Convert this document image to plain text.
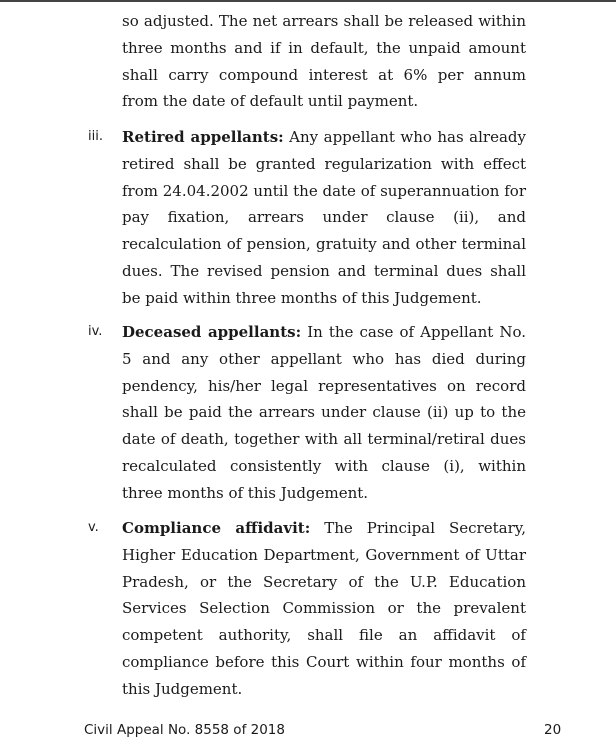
so adjusted. The net arrears shall be released within three months and if in default, the unpaid amount shall carry compound interest at 6% per annum from the date of default until payment.

iii. Retired appellants: Any appellant who has already retired shall be granted regularization with effect from 24.04.2002 until the date of superannuation for pay fixation, arrears under clause (ii), and recalculation of pension, gratuity and other terminal dues. The revised pension and terminal dues shall be paid within three months of this Judgement.

iv. Deceased appellants: In the case of Appellant No. 5 and any other appellant who has died during pendency, his/her legal representatives on record shall be paid the arrears under clause (ii) up to the date of death, together with all terminal/retiral dues recalculated consistently with clause (i), within three months of this Judgement.

v. Compliance affidavit: The Principal Secretary, Higher Education Department, Government of Uttar Pradesh, or the Secretary of the U.P. Education Services Selection Commission or the prevalent competent authority, shall file an affidavit of compliance before this Court within four months of this Judgement.

Civil Appeal No. 8558 of 2018	20
